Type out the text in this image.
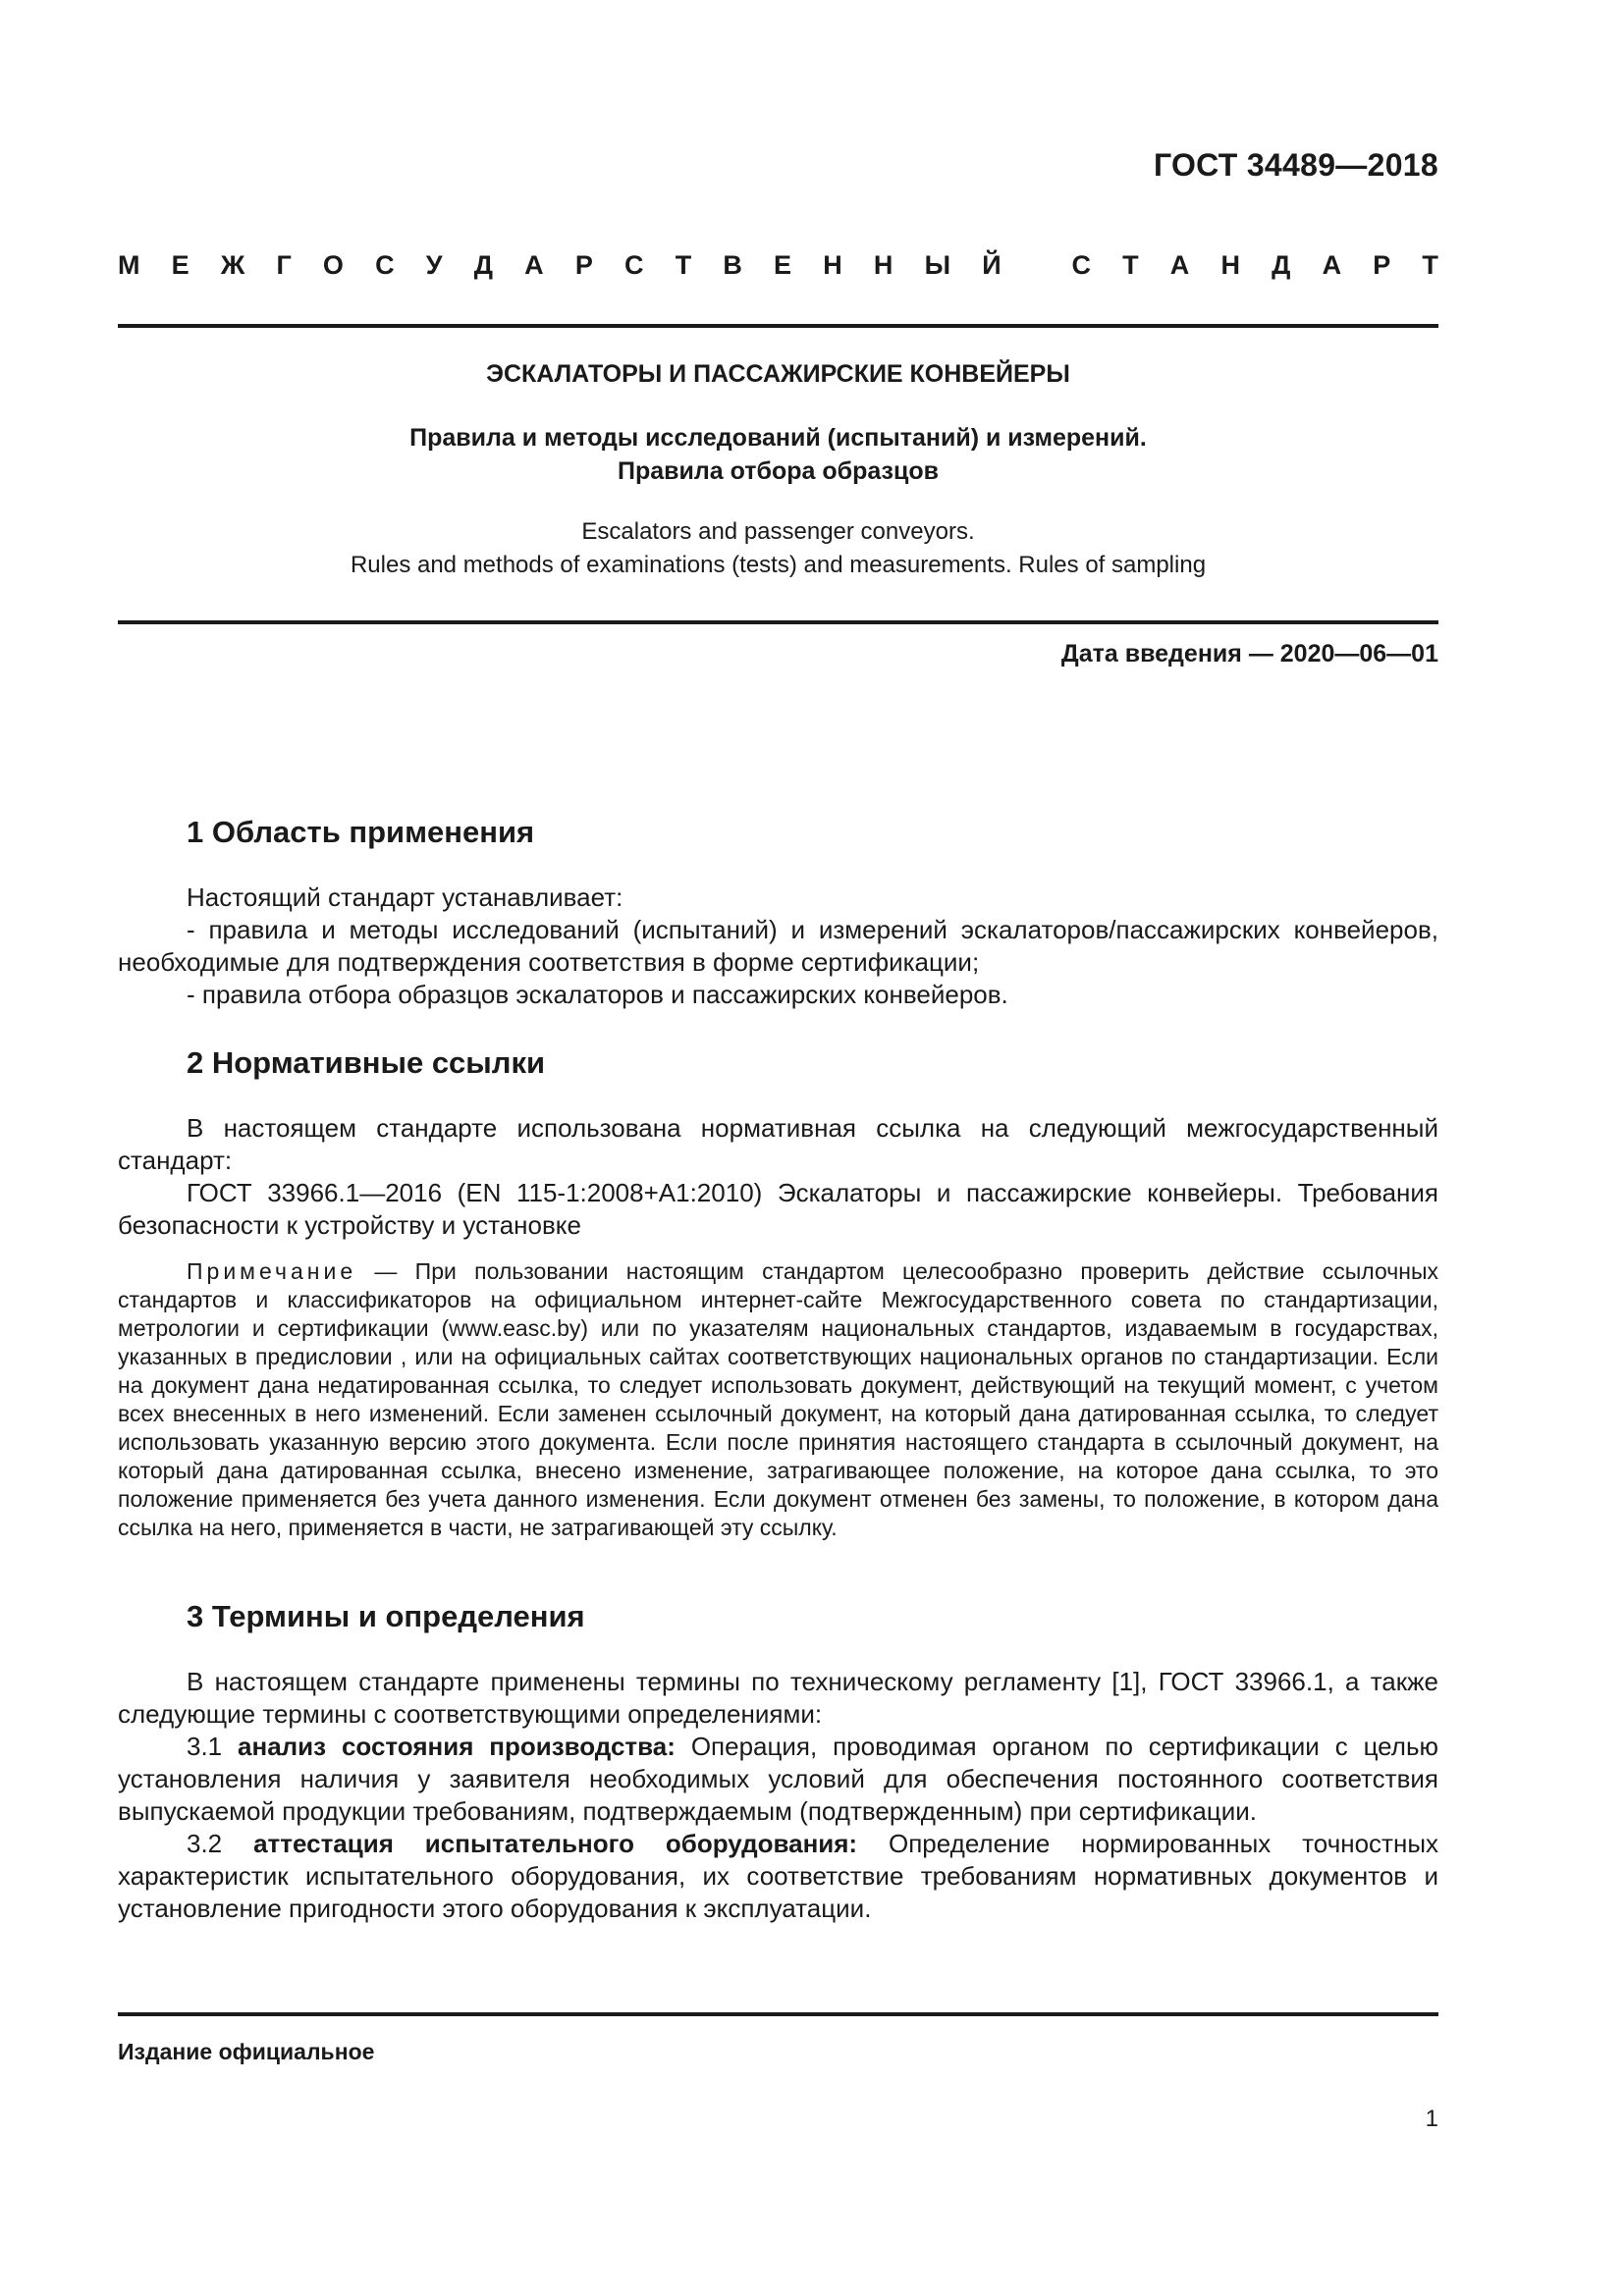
ГОСТ 34489—2018
М Е Ж Г О С У Д А Р С Т В Е Н Н Ы Й
	С Т А Н Д А Р Т

ЭСКАЛАТОРЫ И ПАССАЖИРСКИЕ КОНВЕЙЕРЫ

Правила и методы исследований (испытаний) и измерений.
Правила отбора образцов

Escalators and passenger conveyors.
Rules and methods of examinations (tests) and measurements. Rules of sampling

Дата введения — 2020—06—01
1 Область применения

Настоящий стандарт устанавливает:

- правила и методы исследований (испытаний) и измерений эскалаторов/пассажирских конвейеров, необходимые для подтверждения соответствия в форме сертификации;

- правила отбора образцов эскалаторов и пассажирских конвейеров.

2 Нормативные ссылки

В настоящем стандарте использована нормативная ссылка на следующий межгосударственный стандарт:

ГОСТ 33966.1—2016 (EN 115-1:2008+A1:2010) Эскалаторы и пассажирские конвейеры. Требования безопасности к устройству и установке

Примечание — При пользовании настоящим стандартом целесообразно проверить действие ссылочных стандартов и классификаторов на официальном интернет-сайте Межгосударственного совета по стандартизации, метрологии и сертификации (www.easc.by) или по указателям национальных стандартов, издаваемым в государствах, указанных в предисловии , или на официальных сайтах соответствующих национальных органов по стандартизации. Если на документ дана недатированная ссылка, то следует использовать документ, действующий на текущий момент, с учетом всех внесенных в него изменений. Если заменен ссылочный документ, на который дана датированная ссылка, то следует использовать указанную версию этого документа. Если после принятия настоящего стандарта в ссылочный документ, на который дана датированная ссылка, внесено изменение, затрагивающее положение, на которое дана ссылка, то это положение применяется без учета данного изменения. Если документ отменен без замены, то положение, в котором дана ссылка на него, применяется в части, не затрагивающей эту ссылку.

3 Термины и определения

В настоящем стандарте применены термины по техническому регламенту [1], ГОСТ 33966.1, а также следующие термины с соответствующими определениями:

3.1 анализ состояния производства: Операция, проводимая органом по сертификации с целью установления наличия у заявителя необходимых условий для обеспечения постоянного соответствия выпускаемой продукции требованиям, подтверждаемым (подтвержденным) при сертификации.

3.2 аттестация испытательного оборудования: Определение нормированных точностных характеристик испытательного оборудования, их соответствие требованиям нормативных документов и установление пригодности этого оборудования к эксплуатации.

Издание официальное
1
